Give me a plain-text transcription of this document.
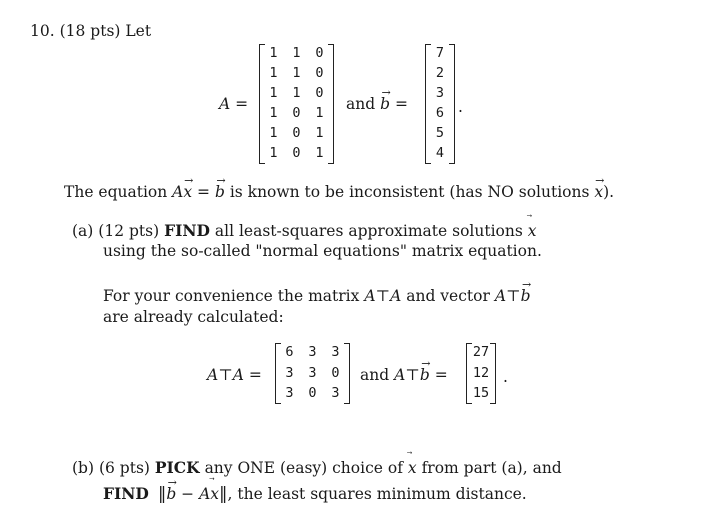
10. (18 pts) Let
A =
1 1 0
1 1 0
1 1 0
1 0 1
1 0 1
1 0 1
and
→
b =
7
2
3
6
5
4
.
The equation A
→
x =
→
b is known to be inconsistent (has NO solutions
→
x).
(a) (12 pts) FIND all least-squares approximate solutions x
using the so-called "normal equations" matrix equation.
For your convenience the matrix A⊤A and vector A⊤
→
b
are already calculated:
A⊤A =
6 3 3
3 3 0
3 0 3
and A⊤
→
b =
27
12
15
.
(b) (6 pts) PICK any ONE (easy) choice of x from part (a), and
FIND ‖
→
b − A
x‖, the least squares minimum distance.
